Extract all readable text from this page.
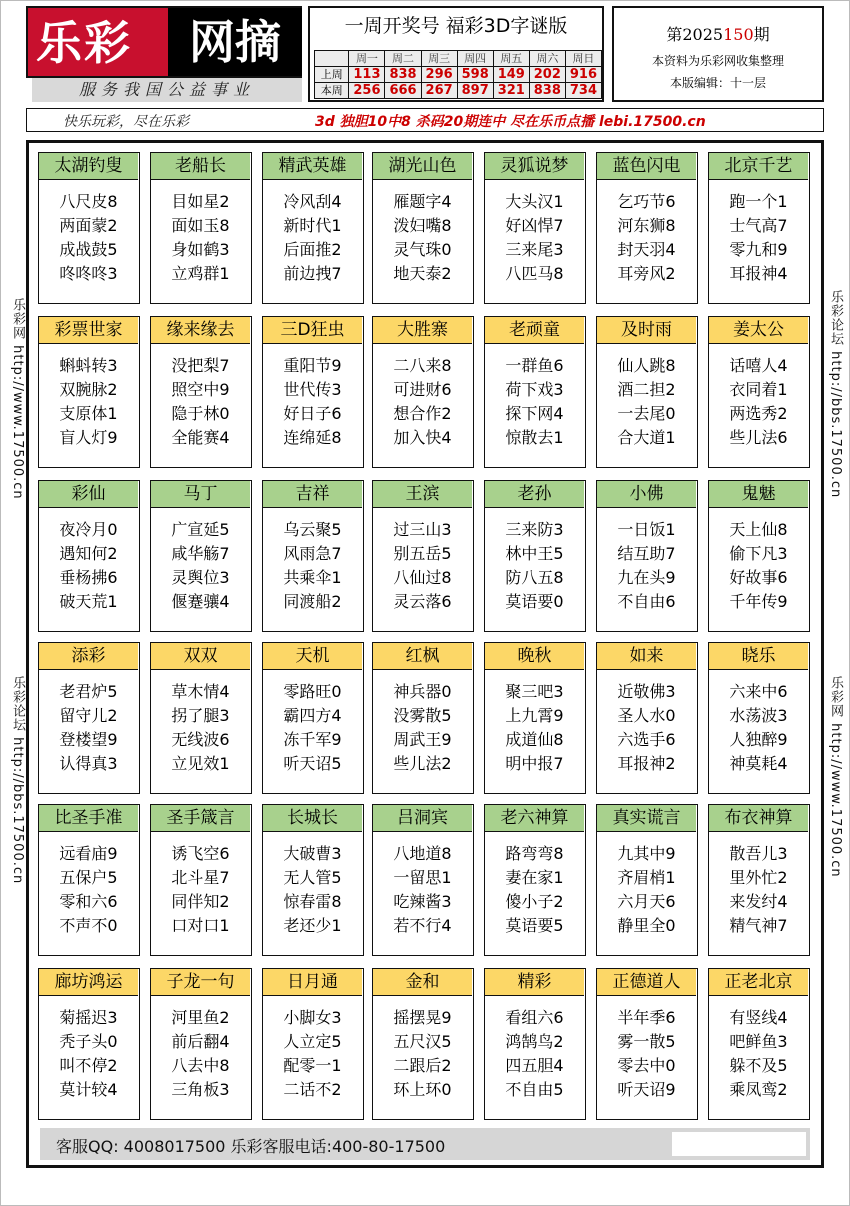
乐彩	网摘
服务我国公益事业
一周开奖号 福彩3D字谜版
	周一	周二	周三	周四	周五	周六	周日
上周	113	838	296	598	149	202	916
本周	256	666	267	897	321	838	734
第2025150期
本资料为乐彩网收集整理
本版编辑：十一层
快乐玩彩，尽在乐彩	3d 独胆10中8 杀码20期连中 尽在乐币点播 lebi.17500.cn
乐彩网 http://www.17500.cn
乐彩论坛 http://bbs.17500.cn
乐彩论坛 http://bbs.17500.cn
乐彩网 http://www.17500.cn
太湖钓叟
八尺皮8
两面蒙2
成战鼓5
咚咚咚3
老船长
目如星2
面如玉8
身如鹤3
立鸡群1
精武英雄
冷风刮4
新时代1
后面推2
前边拽7
湖光山色
雁题字4
泼妇嘴8
灵气珠0
地天泰2
灵狐说梦
大头汉1
好凶悍7
三来尾3
八匹马8
蓝色闪电
乞巧节6
河东狮8
封天羽4
耳旁风2
北京千艺
跑一个1
士气高7
零九和9
耳报神4
彩票世家
蝌蚪转3
双腕脉2
支原体1
盲人灯9
缘来缘去
没把梨7
照空中9
隐于林0
全能赛4
三D狂虫
重阳节9
世代传3
好日子6
连绵延8
大胜寨
二八来8
可进财6
想合作2
加入快4
老顽童
一群鱼6
荷下戏3
探下网4
惊散去1
及时雨
仙人跳8
酒二担2
一去尾0
合大道1
姜太公
话嘻人4
衣同着1
两选秀2
些儿法6
彩仙
夜冷月0
遇知何2
垂杨拂6
破天荒1
马丁
广宣延5
咸华觞7
灵舆位3
偃蹇骧4
吉祥
乌云聚5
风雨急7
共乘伞1
同渡船2
王滨
过三山3
别五岳5
八仙过8
灵云落6
老孙
三来防3
林中王5
防八五8
莫语要0
小佛
一日饭1
结互助7
九在头9
不自由6
鬼魅
天上仙8
偷下凡3
好故事6
千年传9
添彩
老君炉5
留守儿2
登楼望9
认得真3
双双
草木情4
拐了腿3
无线波6
立见效1
天机
零路旺0
霸四方4
冻千军9
听天诏5
红枫
神兵器0
没雾散5
周武王9
些儿法2
晚秋
聚三吧3
上九霄9
成道仙8
明中报7
如来
近敬佛3
圣人水0
六选手6
耳报神2
晓乐
六来中6
水荡波3
人独醉9
神莫耗4
比圣手准
远看庙9
五保户5
零和六6
不声不0
圣手箴言
诱飞空6
北斗星7
同伴知2
口对口1
长城长
大破曹3
无人管5
惊春雷8
老还少1
吕洞宾
八地道8
一留思1
吃辣酱3
若不行4
老六神算
路弯弯8
妻在家1
傻小子2
莫语要5
真实谎言
九其中9
齐眉梢1
六月天6
静里全0
布衣神算
散吾儿3
里外忙2
来发纣4
精气神7
廊坊鸿运
菊摇迟3
秃子头0
叫不停2
莫计较4
子龙一句
河里鱼2
前后翻4
八去中8
三角板3
日月通
小脚女3
人立定5
配零一1
二话不2
金和
摇摆晃9
五尺汉5
二跟后2
环上环0
精彩
看组六6
鸿鹄鸟2
四五胆4
不自由5
正德道人
半年季6
雾一散5
零去中0
听天诏9
正老北京
有竖线4
吧鲜鱼3
躲不及5
乘凤鸾2
客服QQ: 4008017500 乐彩客服电话:400-80-17500
